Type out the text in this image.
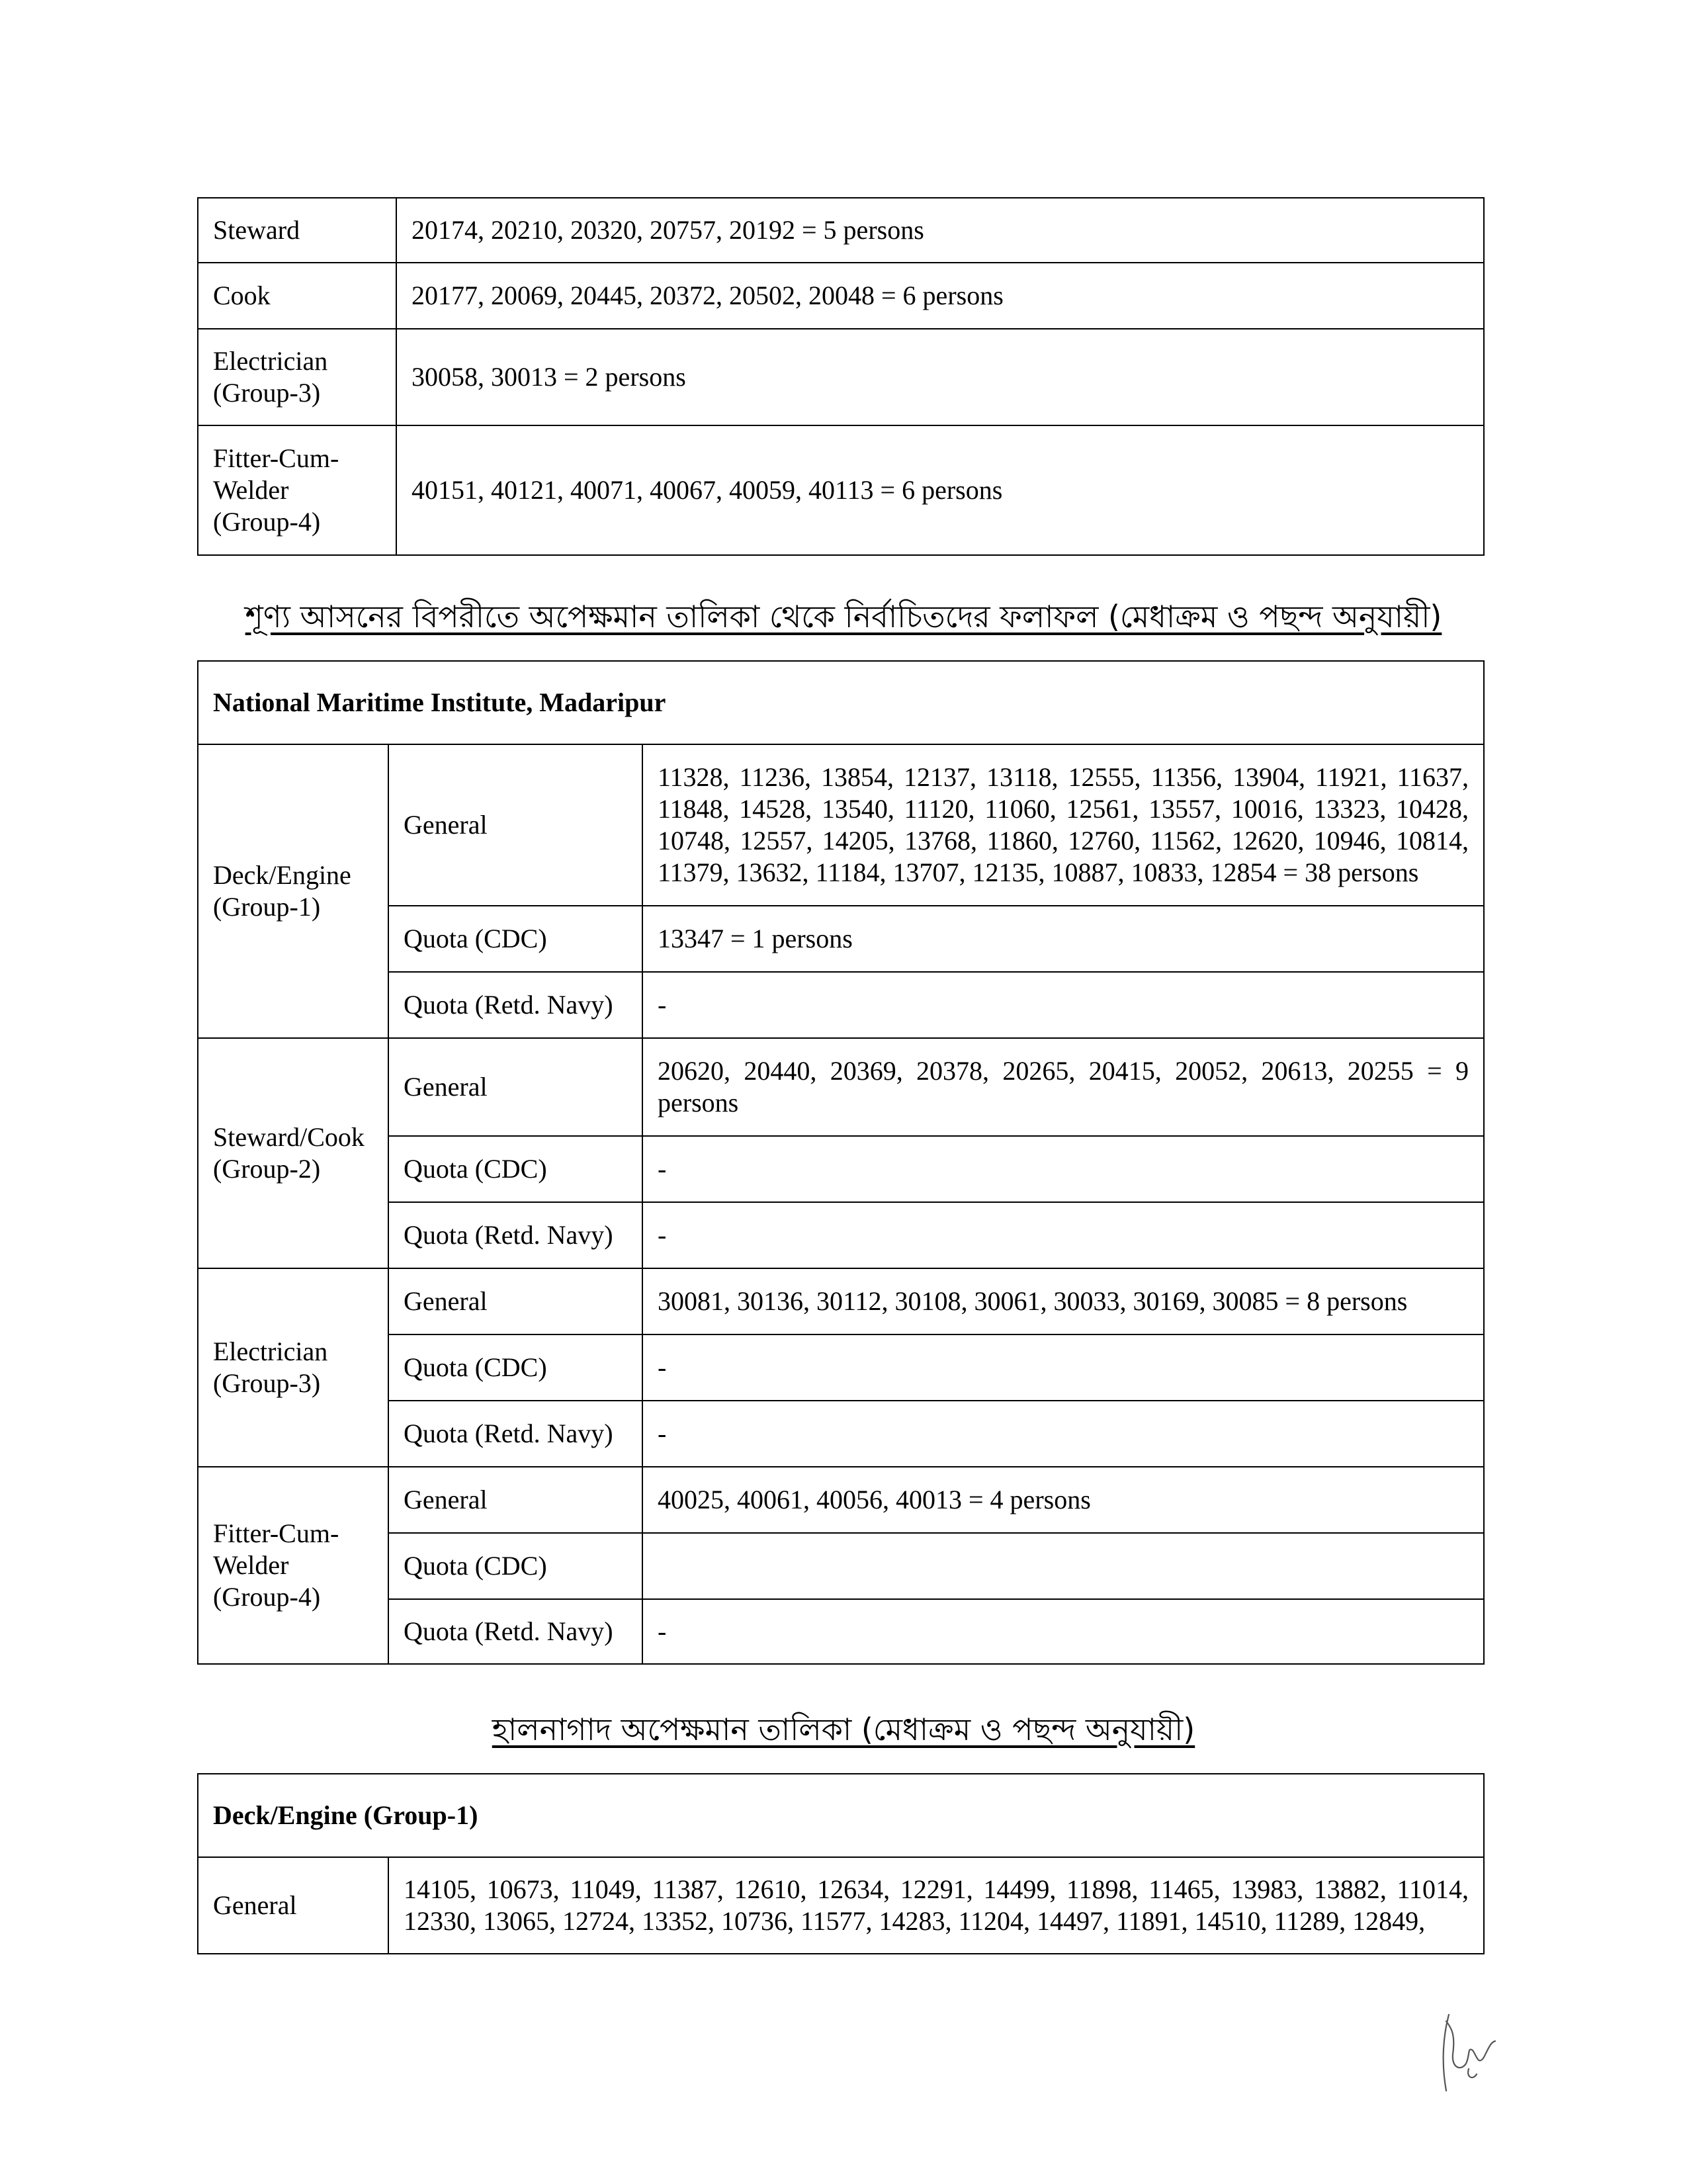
Steward	20174, 20210, 20320, 20757, 20192 = 5 persons
Cook	20177, 20069, 20445, 20372, 20502, 20048 = 6 persons
Electrician (Group-3)	30058, 30013 = 2 persons
Fitter-Cum-Welder (Group-4)	40151, 40121, 40071, 40067, 40059, 40113 = 6 persons

শূণ্য আসনের বিপরীতে অপেক্ষমান তালিকা থেকে নির্বাচিতদের ফলাফল (মেধাক্রম ও পছন্দ অনুযায়ী)

National Maritime Institute, Madaripur		
Deck/Engine (Group-1)	General	11328, 11236, 13854, 12137, 13118, 12555, 11356, 13904, 11921, 11637, 11848, 14528, 13540, 11120, 11060, 12561, 13557, 10016, 13323, 10428, 10748, 12557, 14205, 13768, 11860, 12760, 11562, 12620, 10946, 10814, 11379, 13632, 11184, 13707, 12135, 10887, 10833, 12854 = 38 persons
	Quota (CDC)	13347 = 1 persons
	Quota (Retd. Navy)	-
Steward/Cook (Group-2)	General	20620, 20440, 20369, 20378, 20265, 20415, 20052, 20613, 20255 = 9 persons
	Quota (CDC)	-
	Quota (Retd. Navy)	-
Electrician (Group-3)	General	30081, 30136, 30112, 30108, 30061, 30033, 30169, 30085 = 8 persons
	Quota (CDC)	-
	Quota (Retd. Navy)	-
Fitter-Cum-Welder (Group-4)	General	40025, 40061, 40056, 40013 = 4 persons
	Quota (CDC)	
	Quota (Retd. Navy)	-

হালনাগাদ অপেক্ষমান তালিকা (মেধাক্রম ও পছন্দ অনুযায়ী)

Deck/Engine (Group-1)
General	14105, 10673, 11049, 11387, 12610, 12634, 12291, 14499, 11898, 11465, 13983, 13882, 11014, 12330, 13065, 12724, 13352, 10736, 11577, 14283, 11204, 14497, 11891, 14510, 11289, 12849,
